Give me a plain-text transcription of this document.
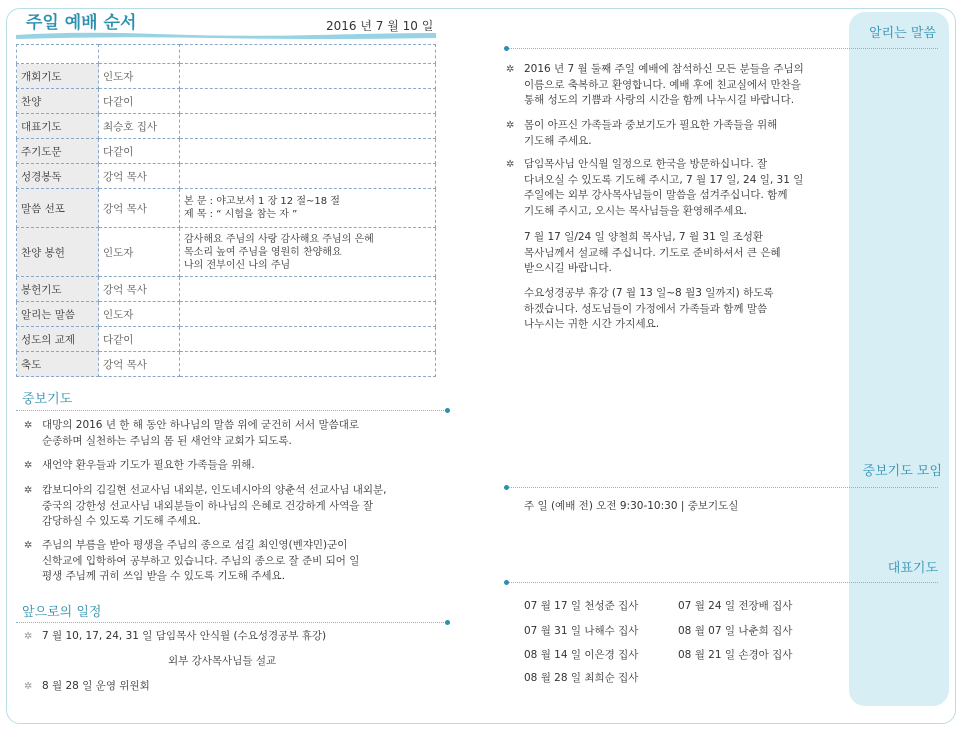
주일 예배 순서	2016 년 7 월 10 일

개회기도	인도자	
찬양	다같이	
대표기도	최승호 집사	
주기도문	다같이	
성경봉독	강억 목사	
말씀 선포	강억 목사	본 문 : 야고보서 1 장 12 절~18 절
제 목 : “ 시험을 참는 자 ”

찬양 봉헌	인도자	감사해요 주님의 사랑 감사해요 주님의 은혜
목소리 높여 주님을 영원히 찬양해요
나의 전부이신 나의 주님

봉헌기도	강억 목사	
알리는 말씀	인도자	
성도의 교제	다같이	
축도	강억 목사	
중보기도
✲ 대망의 2016 년 한 해 동안 하나님의 말씀 위에 굳건히 서서 말씀대로
순종하며 실천하는 주님의 몸 된 새언약 교회가 되도록.
✲ 새언약 환우들과 기도가 필요한 가족들을 위해.
✲ 캄보디아의 김길현 선교사님 내외분, 인도네시아의 양춘석 선교사님 내외분,
중국의 강한성 선교사님 내외분들이 하나님의 은혜로 건강하게 사역을 잘
감당하실 수 있도록 기도해 주세요.
✲ 주님의 부름을 받아 평생을 주님의 종으로 섬길 최인영(벤쟈민)군이
신학교에 입학하여 공부하고 있습니다. 주님의 종으로 잘 준비 되어 일
평생 주님께 귀히 쓰임 받을 수 있도록 기도해 주세요.
앞으로의 일정
✲ 7 월 10, 17, 24, 31 일 담임목사 안식월 (수요성경공부 휴강)
외부 강사목사님들 설교
✲ 8 월 28 일 운영 위원회
알리는 말씀
✲ 2016 년 7 월 둘째 주일 예배에 참석하신 모든 분들을 주님의
이름으로 축복하고 환영합니다. 예배 후에 친교실에서 만찬을
통해 성도의 기쁨과 사랑의 시간을 함께 나누시길 바랍니다.
✲ 몸이 아프신 가족들과 중보기도가 필요한 가족들을 위해
기도해 주세요.
✲ 담임목사님 안식월 일정으로 한국을 방문하십니다. 잘
다녀오실 수 있도록 기도해 주시고, 7 월 17 일, 24 일, 31 일
주일에는 외부 강사목사님들이 말씀을 섬겨주십니다. 함께
기도해 주시고, 오시는 목사님들을 환영해주세요.
7 월 17 일/24 일 양철희 목사님, 7 월 31 일 조성환
목사님께서 설교해 주십니다. 기도로 준비하셔서 큰 은혜
받으시길 바랍니다.
수요성경공부 휴강 (7 월 13 일~8 월3 일까지) 하도록
하겠습니다. 성도님들이 가정에서 가족들과 함께 말씀
나누시는 귀한 시간 가지세요.
중보기도 모임
주 일 (예배 전) 오전 9:30-10:30 | 중보기도실
대표기도
07 월 17 일 천성준 집사	07 월 24 일 전장배 집사
07 월 31 일 나해수 집사	08 월 07 일 나춘희 집사
08 월 14 일 이은경 집사	08 월 21 일 손경아 집사
08 월 28 일 최희순 집사
